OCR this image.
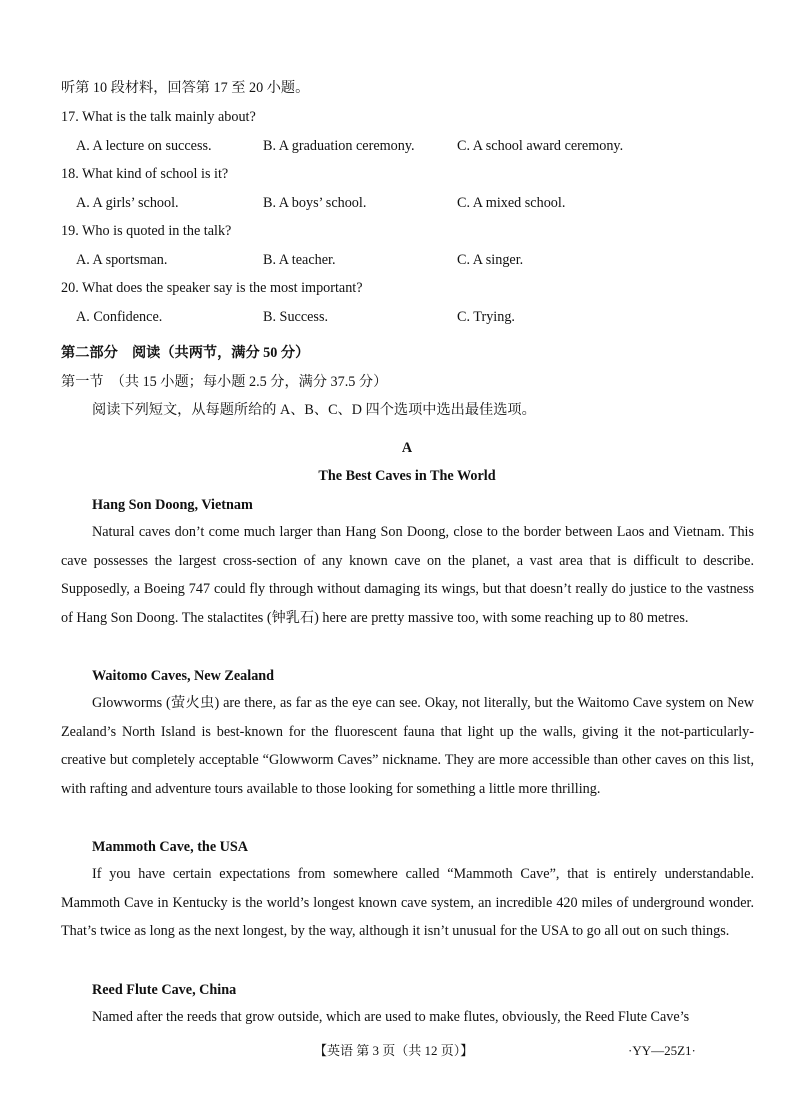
听第 10 段材料，回答第 17 至 20 小题。
17. What is the talk mainly about?
A. A lecture on success.	B. A graduation ceremony.	C. A school award ceremony.
18. What kind of school is it?
A. A girls’ school.	B. A boys’ school.	C. A mixed school.
19. Who is quoted in the talk?
A. A sportsman.	B. A teacher.	C. A singer.
20. What does the speaker say is the most important?
A. Confidence.	B. Success.	C. Trying.
第二部分　阅读（共两节，满分 50 分）
第一节　（共 15 小题；每小题 2.5 分，满分 37.5 分）
阅读下列短文，从每题所给的 A、B、C、D 四个选项中选出最佳选项。
A
The Best Caves in The World
Hang Son Doong, Vietnam

Natural caves don’t come much larger than Hang Son Doong, close to the border between Laos and Vietnam. This cave possesses the largest cross-section of any known cave on the planet, a vast area that is difficult to describe. Supposedly, a Boeing 747 could fly through without damaging its wings, but that doesn’t really do justice to the vastness of Hang Son Doong. The stalactites (钟乳石) here are pretty massive too, with some reaching up to 80 metres.

Waitomo Caves, New Zealand

Glowworms (萤火虫) are there, as far as the eye can see. Okay, not literally, but the Waitomo Cave system on New Zealand’s North Island is best-known for the fluorescent fauna that light up the walls, giving it the not-particularly-creative but completely acceptable “Glowworm Caves” nickname. They are more accessible than other caves on this list, with rafting and adventure tours available to those looking for something a little more thrilling.

Mammoth Cave, the USA

If you have certain expectations from somewhere called “Mammoth Cave”, that is entirely understandable. Mammoth Cave in Kentucky is the world’s longest known cave system, an incredible 420 miles of underground wonder. That’s twice as long as the next longest, by the way, although it isn’t unusual for the USA to go all out on such things.

Reed Flute Cave, China

Named after the reeds that grow outside, which are used to make flutes, obviously, the Reed Flute Cave’s

【英语 第 3 页（共 12 页）】	·YY—25Z1·
